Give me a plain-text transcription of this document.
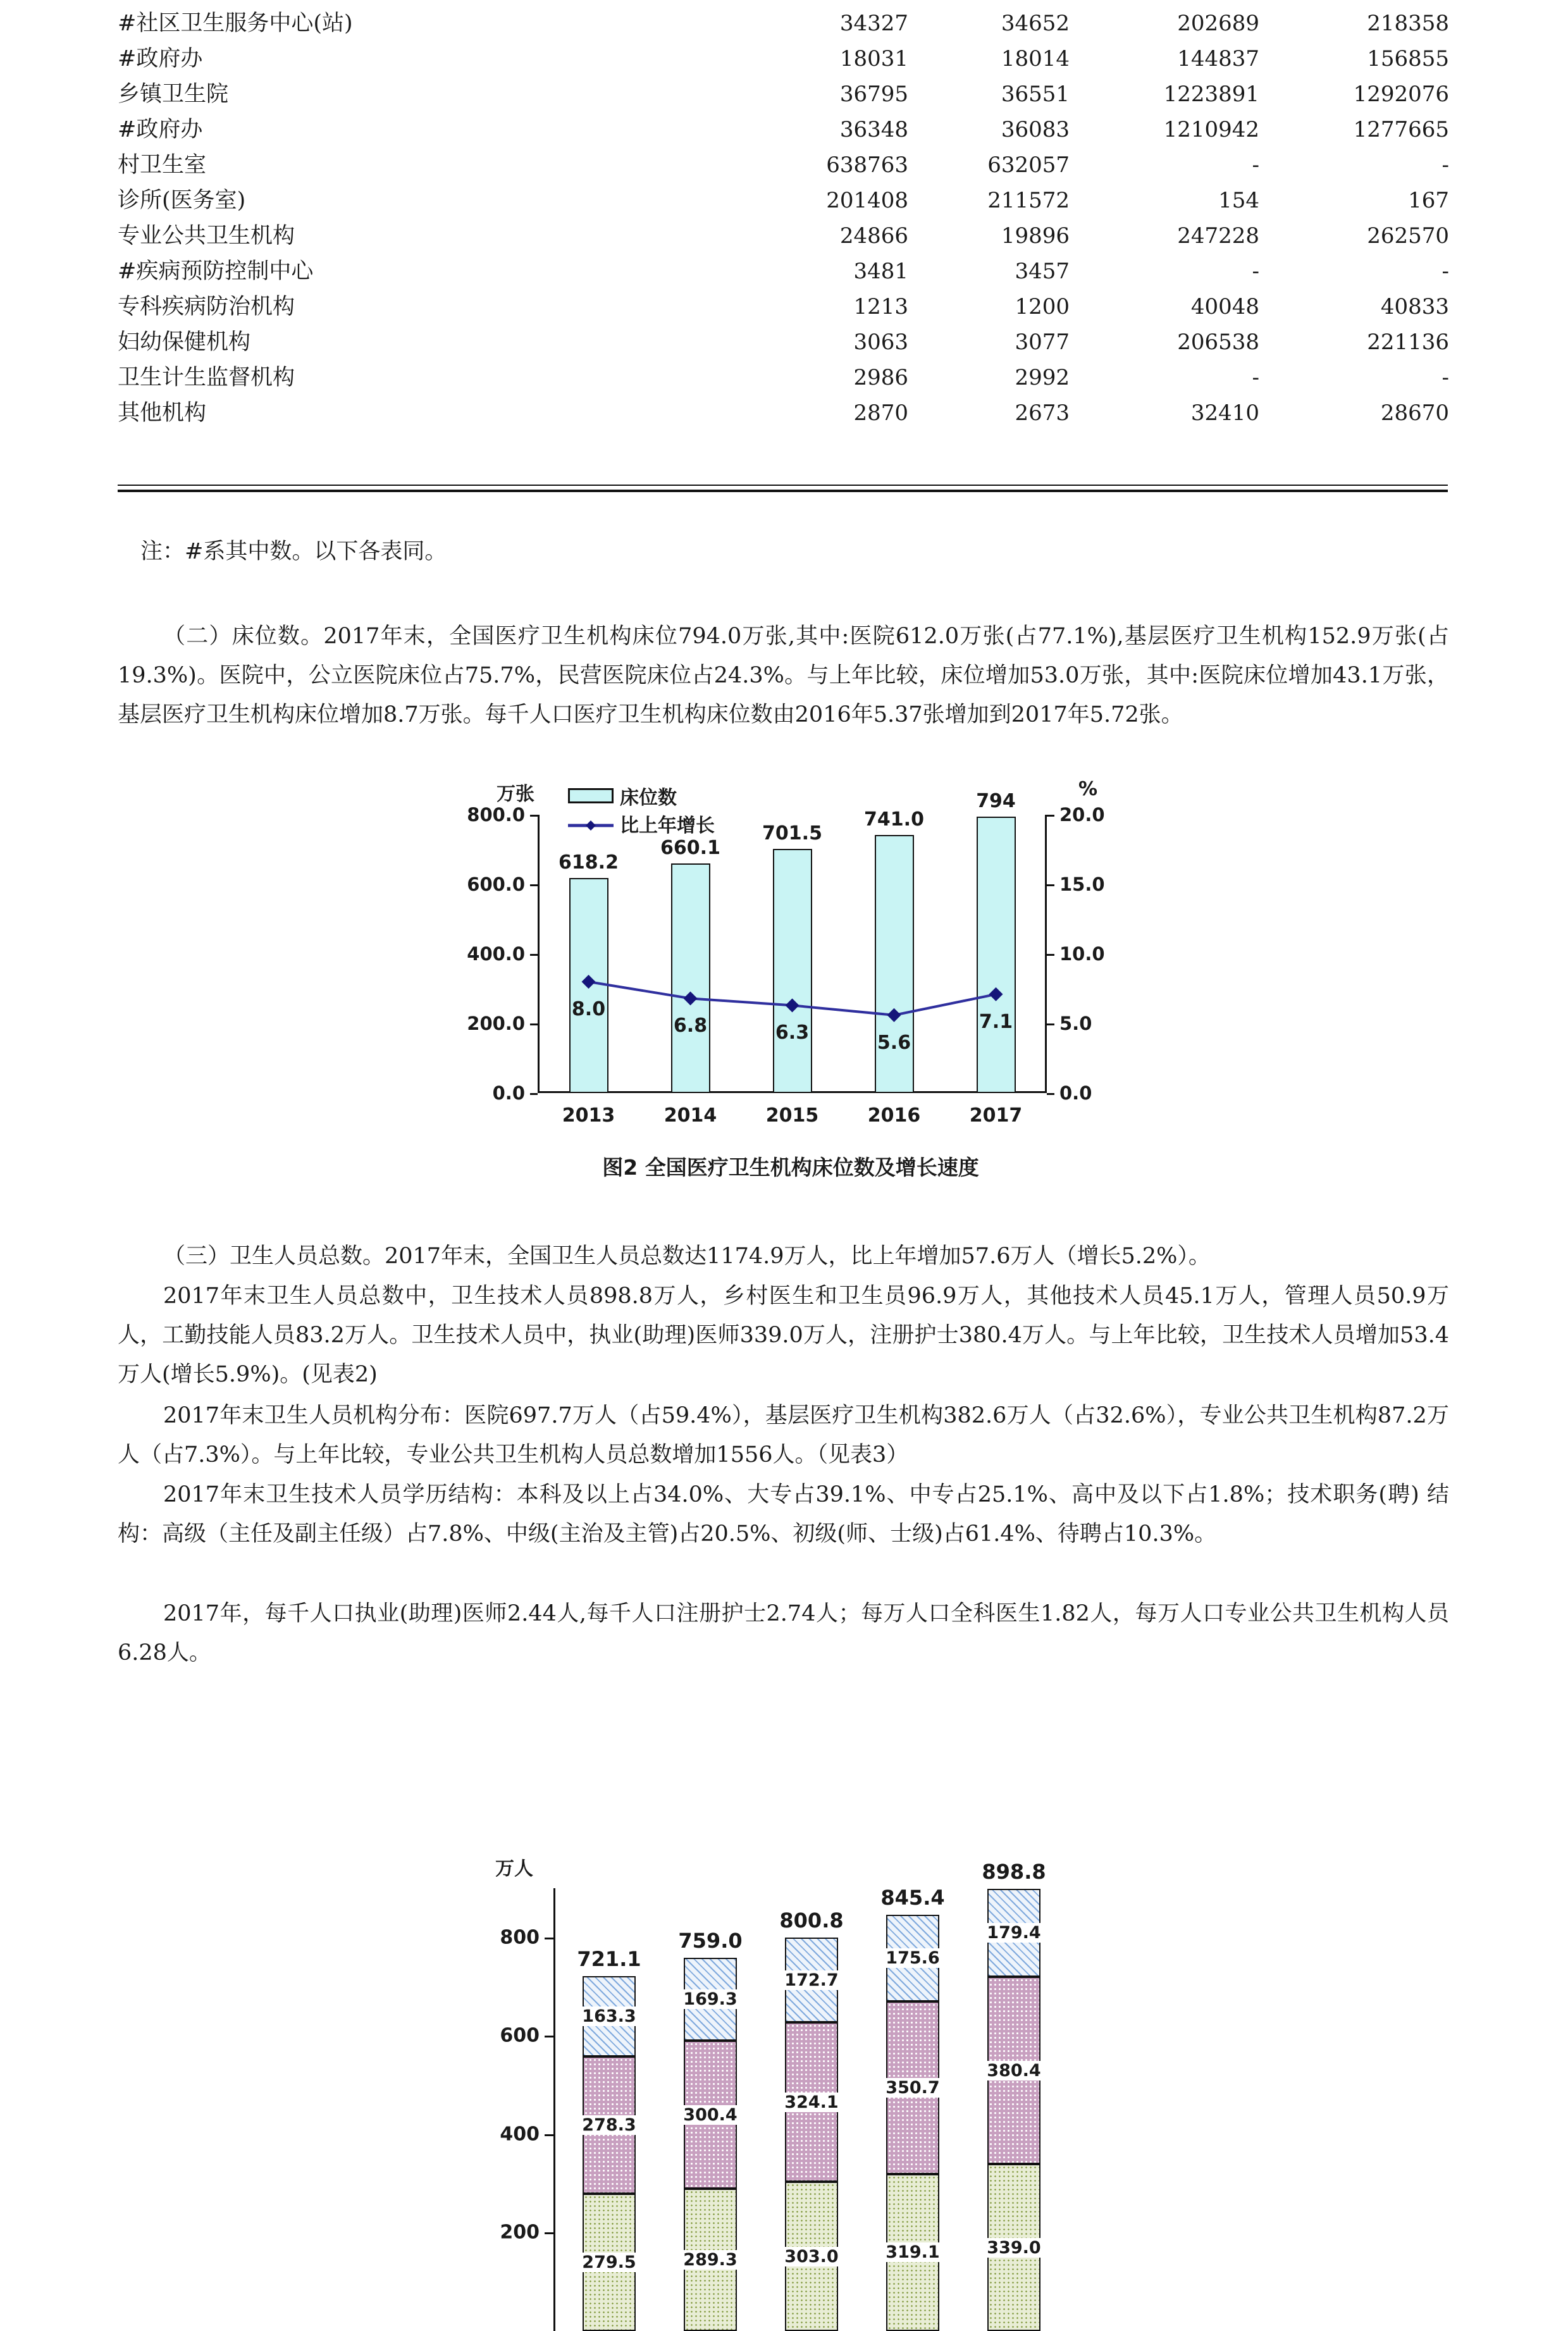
#社区卫生服务中心(站)	34327	34652	202689	218358
#政府办	18031	18014	144837	156855
乡镇卫生院	36795	36551	1223891	1292076
#政府办	36348	36083	1210942	1277665
村卫生室	638763	632057	-	-
诊所(医务室)	201408	211572	154	167
专业公共卫生机构	24866	19896	247228	262570
#疾病预防控制中心	3481	3457	-	-
专科疾病防治机构	1213	1200	40048	40833
妇幼保健机构	3063	3077	206538	221136
卫生计生监督机构	2986	2992	-	-
其他机构	2870	2673	32410	28670
注：#系其中数。以下各表同。
（二）床位数。2017年末，全国医疗卫生机构床位794.0万张,其中:医院612.0万张(占77.1%),基层医疗卫生机构152.9万张(占19.3%)。医院中，公立医院床位占75.7%，民营医院床位占24.3%。与上年比较，床位增加53.0万张，其中:医院床位增加43.1万张，基层医疗卫生机构床位增加8.7万张。每千人口医疗卫生机构床位数由2016年5.37张增加到2017年5.72张。
万张	%
床位数
比上年增长
0.0
200.0
400.0
600.0
800.0
0.0
5.0
10.0
15.0
20.0
618.2
2013
660.1
2014
701.5
2015
741.0
2016
794
2017
8.0
6.8	6.3	5.6
7.1
图2 全国医疗卫生机构床位数及增长速度
（三）卫生人员总数。2017年末，全国卫生人员总数达1174.9万人，比上年增加57.6万人（增长5.2%）。
2017年末卫生人员总数中，卫生技术人员898.8万人，乡村医生和卫生员96.9万人，其他技术人员45.1万人，管理人员50.9万人，工勤技能人员83.2万人。卫生技术人员中，执业(助理)医师339.0万人，注册护士380.4万人。与上年比较，卫生技术人员增加53.4万人(增长5.9%)。(见表2)
2017年末卫生人员机构分布：医院697.7万人（占59.4%），基层医疗卫生机构382.6万人（占32.6%），专业公共卫生机构87.2万人（占7.3%）。与上年比较，专业公共卫生机构人员总数增加1556人。（见表3）
2017年末卫生技术人员学历结构：本科及以上占34.0%、大专占39.1%、中专占25.1%、高中及以下占1.8%；技术职务(聘) 结构：高级（主任及副主任级）占7.8%、中级(主治及主管)占20.5%、初级(师、士级)占61.4%、待聘占10.3%。
2017年，每千人口执业(助理)医师2.44人,每千人口注册护士2.74人；每万人口全科医生1.82人，每万人口专业公共卫生机构人员6.28人。
万人
200
400
600
800
279.5
278.3
163.3
721.1
289.3
300.4
169.3
759.0
303.0
324.1
172.7
800.8
319.1
350.7
175.6
845.4
339.0
380.4
179.4
898.8
